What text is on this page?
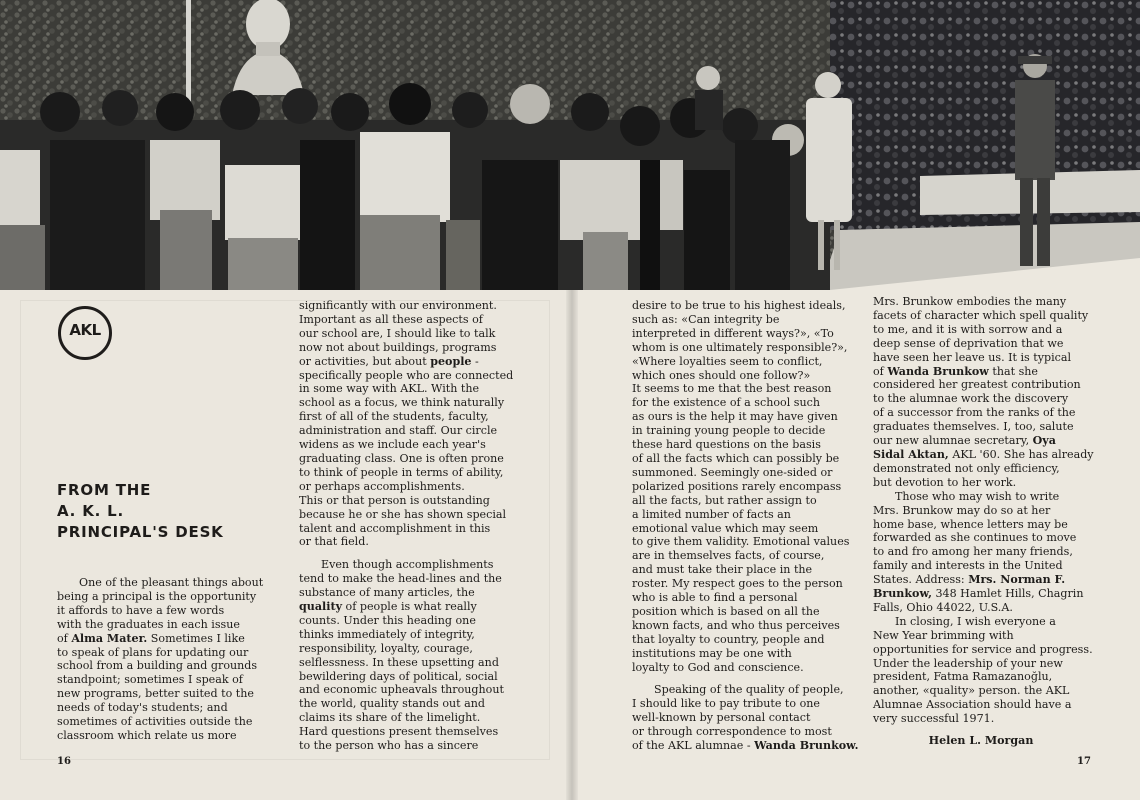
AKL
FROM THE
A. K. L.
PRINCIPAL'S DESK
One of the pleasant things about
being a principal is the opportunity
it affords to have a few words
with the graduates in each issue
of Alma Mater. Sometimes I like
to speak of plans for updating our
school from a building and grounds
standpoint; sometimes I speak of
new programs, better suited to the
needs of today's students; and
sometimes of activities outside the
classroom which relate us more
significantly with our environment.
Important as all these aspects of
our school are, I should like to talk
now not about buildings, programs
or activities, but about people -
specifically people who are connected
in some way with AKL. With the
school as a focus, we think naturally
first of all of the students, faculty,
administration and staff. Our circle
widens as we include each year's
graduating class. One is often prone
to think of people in terms of ability,
or perhaps accomplishments.
This or that person is outstanding
because he or she has shown special
talent and accomplishment in this
or that field.
Even though accomplishments
tend to make the head-lines and the
substance of many articles, the
quality of people is what really
counts. Under this heading one
thinks immediately of integrity,
responsibility, loyalty, courage,
selflessness. In these upsetting and
bewildering days of political, social
and economic upheavals throughout
the world, quality stands out and
claims its share of the limelight.
Hard questions present themselves
to the person who has a sincere
desire to be true to his highest ideals,
such as: «Can integrity be
interpreted in different ways?», «To
whom is one ultimately responsible?»,
«Where loyalties seem to conflict,
which ones should one follow?»
It seems to me that the best reason
for the existence of a school such
as ours is the help it may have given
in training young people to decide
these hard questions on the basis
of all the facts which can possibly be
summoned. Seemingly one-sided or
polarized positions rarely encompass
all the facts, but rather assign to
a limited number of facts an
emotional value which may seem
to give them validity. Emotional values
are in themselves facts, of course,
and must take their place in the
roster. My respect goes to the person
who is able to find a personal
position which is based on all the
known facts, and who thus perceives
that loyalty to country, people and
institutions may be one with
loyalty to God and conscience.
Speaking of the quality of people,
I should like to pay tribute to one
well-known by personal contact
or through correspondence to most
of the AKL alumnae - Wanda Brunkow.
Mrs. Brunkow embodies the many
facets of character which spell quality
to me, and it is with sorrow and a
deep sense of deprivation that we
have seen her leave us. It is typical
of Wanda Brunkow that she
considered her greatest contribution
to the alumnae work the discovery
of a successor from the ranks of the
graduates themselves. I, too, salute
our new alumnae secretary, Oya
Sidal Aktan, AKL '60. She has already
demonstrated not only efficiency,
but devotion to her work.
Those who may wish to write
Mrs. Brunkow may do so at her
home base, whence letters may be
forwarded as she continues to move
to and fro among her many friends,
family and interests in the United
States. Address: Mrs. Norman F.
Brunkow, 348 Hamlet Hills, Chagrin
Falls, Ohio 44022, U.S.A.
In closing, I wish everyone a
New Year brimming with
opportunities for service and progress.
Under the leadership of your new
president, Fatma Ramazanoğlu,
another, «quality» person. the AKL
Alumnae Association should have a
very successful 1971.
Helen L. Morgan
16	17
